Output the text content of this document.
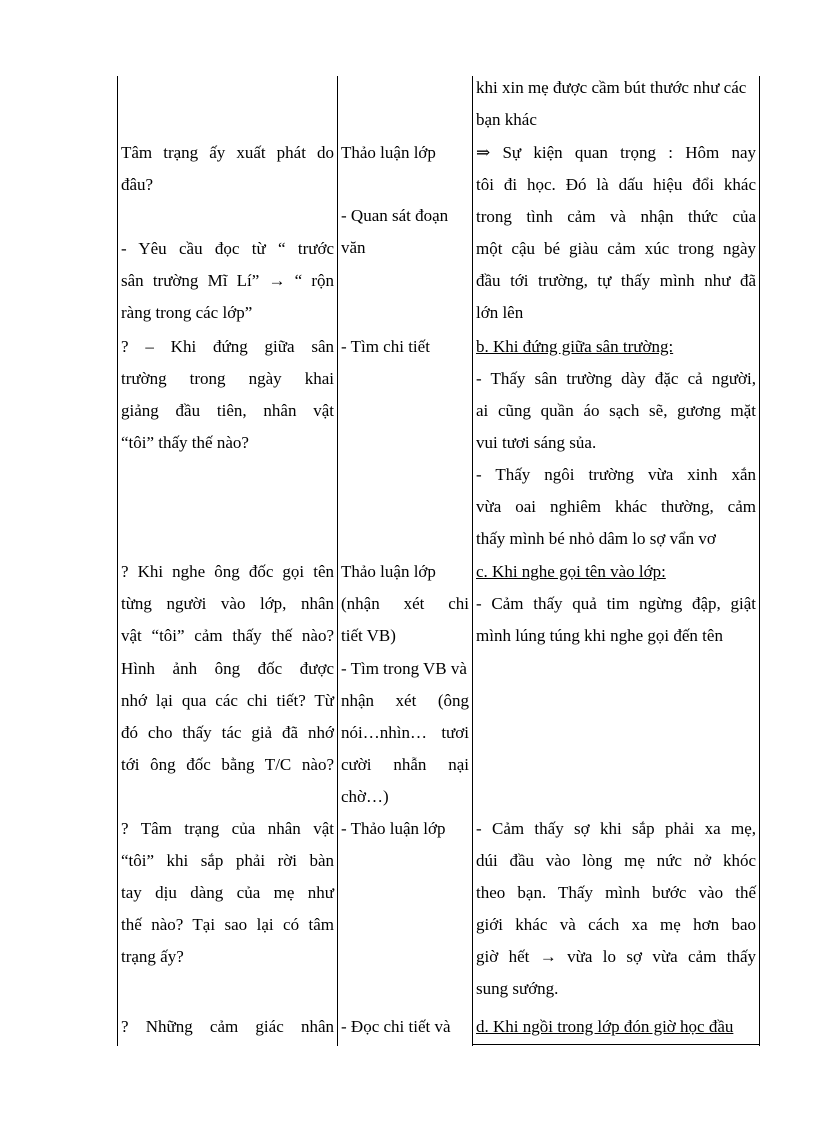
Tâm trạng ấy xuất phát do
đâu?
- Yêu cầu đọc từ “ trước
sân trường Mĩ Lí” → “ rộn
ràng trong các lớp”
? – Khi đứng giữa sân
trường trong ngày khai
giảng đầu tiên, nhân vật
“tôi” thấy thế nào?
? Khi nghe ông đốc gọi tên
từng người vào lớp, nhân
vật “tôi” cảm thấy thế nào?
Hình ảnh ông đốc được
nhớ lại qua các chi tiết? Từ
đó cho thấy tác giả đã nhớ
tới ông đốc bằng T/C nào?
? Tâm trạng của nhân vật
“tôi” khi sắp phải rời bàn
tay dịu dàng của mẹ như
thế nào? Tại sao lại có tâm
trạng ấy?
? Những cảm giác nhân
Thảo luận lớp
- Quan sát đoạn
văn
- Tìm chi tiết
Thảo luận lớp
(nhận xét chi
tiết VB)
- Tìm trong VB và
nhận xét (ông
nói…nhìn… tươi
cười nhẫn nại
chờ…)
- Thảo luận lớp
- Đọc chi tiết và
khi xin mẹ được cầm bút thước như các
bạn khác
⇒ Sự kiện quan trọng : Hôm nay
tôi đi học. Đó là dấu hiệu đổi khác
trong tình cảm và nhận thức của
một cậu bé giàu cảm xúc trong ngày
đầu tới trường, tự thấy mình như đã
lớn lên
b. Khi đứng giữa sân trường:
- Thấy sân trường dày đặc cả người,
ai cũng quần áo sạch sẽ, gương mặt
vui tươi sáng sủa.
- Thấy ngôi trường vừa xinh xắn
vừa oai nghiêm khác thường, cảm
thấy mình bé nhỏ dâm lo sợ vẩn vơ
c. Khi nghe gọi tên vào lớp:
- Cảm thấy quả tim ngừng đập, giật
mình lúng túng khi nghe gọi đến tên
- Cảm thấy sợ khi sắp phải xa mẹ,
dúi đầu vào lòng mẹ nức nở khóc
theo bạn. Thấy mình bước vào thế
giới khác và cách xa mẹ hơn bao
giờ hết → vừa lo sợ vừa cảm thấy
sung sướng.
d. Khi ngồi trong lớp đón giờ học đầu
